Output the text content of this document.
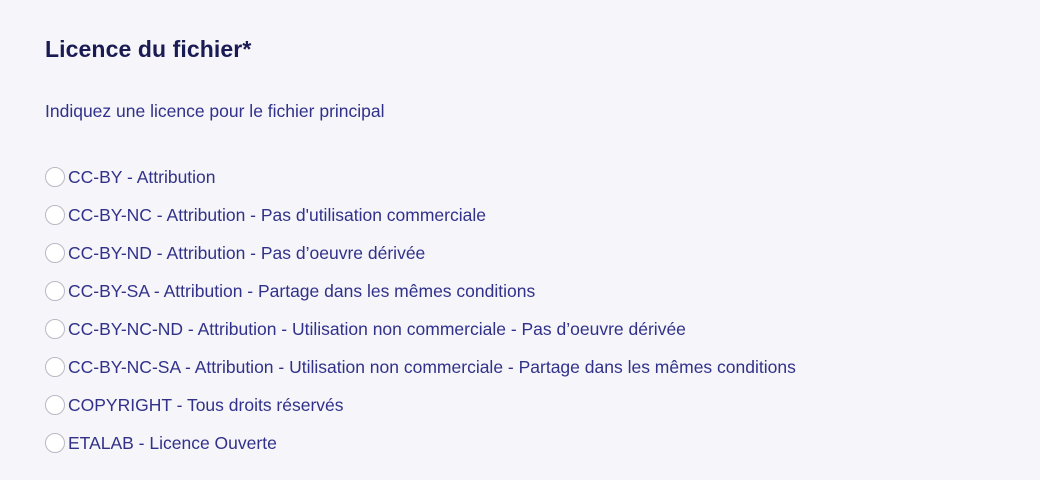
Licence du fichier*

Indiquez une licence pour le fichier principal

CC-BY - Attribution
CC-BY-NC - Attribution - Pas d'utilisation commerciale
CC-BY-ND - Attribution - Pas d’oeuvre dérivée
CC-BY-SA - Attribution - Partage dans les mêmes conditions
CC-BY-NC-ND - Attribution - Utilisation non commerciale - Pas d’oeuvre dérivée
CC-BY-NC-SA - Attribution - Utilisation non commerciale - Partage dans les mêmes conditions
COPYRIGHT - Tous droits réservés
ETALAB - Licence Ouverte
